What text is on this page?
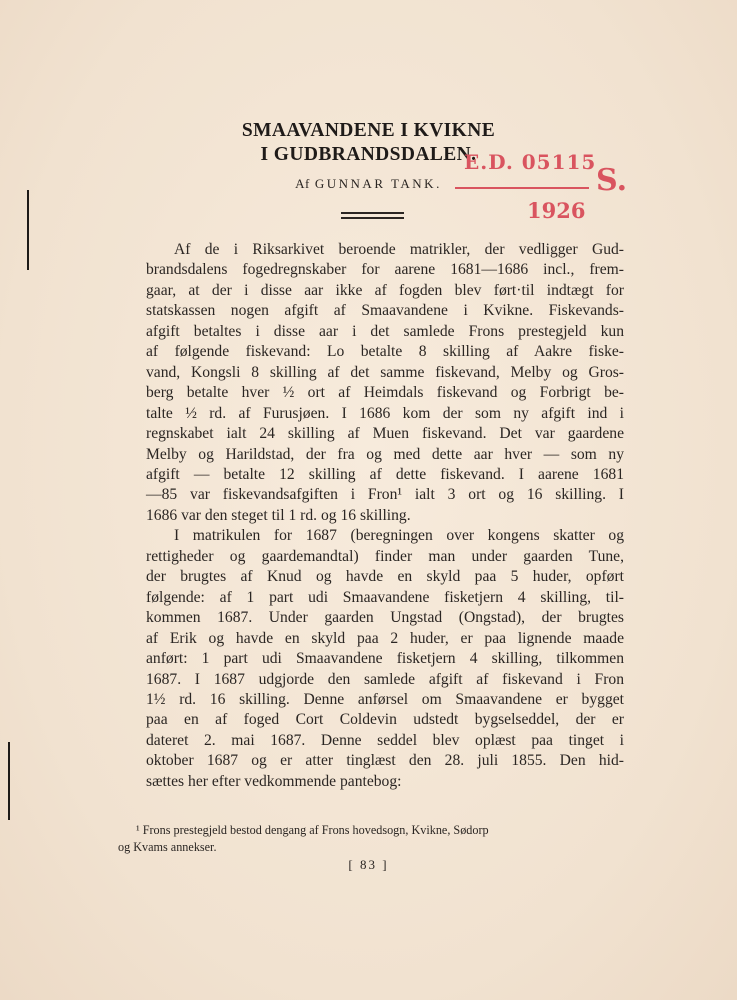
SMAAVANDENE I KVIKNE
I GUDBRANDSDALEN.
Af GUNNAR TANK.
E.D. 05115
S.
1926

Af de i Riksarkivet beroende matrikler, der vedligger Gud-
brandsdalens fogedregnskaber for aarene 1681—1686 incl., frem-
gaar, at der i disse aar ikke af fogden blev ført·til indtægt for
statskassen nogen afgift af Smaavandene i Kvikne. Fiskevands-
afgift betaltes i disse aar i det samlede Frons prestegjeld kun
af følgende fiskevand: Lo betalte 8 skilling af Aakre fiske-
vand, Kongsli 8 skilling af det samme fiskevand, Melby og Gros-
berg betalte hver ½ ort af Heimdals fiskevand og Forbrigt be-
talte ½ rd. af Furusjøen. I 1686 kom der som ny afgift ind i
regnskabet ialt 24 skilling af Muen fiskevand. Det var gaardene
Melby og Harildstad, der fra og med dette aar hver — som ny
afgift — betalte 12 skilling af dette fiskevand. I aarene 1681
—85 var fiskevandsafgiften i Fron¹ ialt 3 ort og 16 skilling. I
1686 var den steget til 1 rd. og 16 skilling.

I matrikulen for 1687 (beregningen over kongens skatter og
rettigheder og gaardemandtal) finder man under gaarden Tune,
der brugtes af Knud og havde en skyld paa 5 huder, opført
følgende: af 1 part udi Smaavandene fisketjern 4 skilling, til-
kommen 1687. Under gaarden Ungstad (Ongstad), der brugtes
af Erik og havde en skyld paa 2 huder, er paa lignende maade
anført: 1 part udi Smaavandene fisketjern 4 skilling, tilkommen
1687. I 1687 udgjorde den samlede afgift af fiskevand i Fron
1½ rd. 16 skilling. Denne anførsel om Smaavandene er bygget
paa en af foged Cort Coldevin udstedt bygselseddel, der er
dateret 2. mai 1687. Denne seddel blev oplæst paa tinget i
oktober 1687 og er atter tinglæst den 28. juli 1855. Den hid-
sættes her efter vedkommende pantebog:

¹ Frons prestegjeld bestod dengang af Frons hovedsogn, Kvikne, Sødorp
og Kvams annekser.
[ 83 ]
